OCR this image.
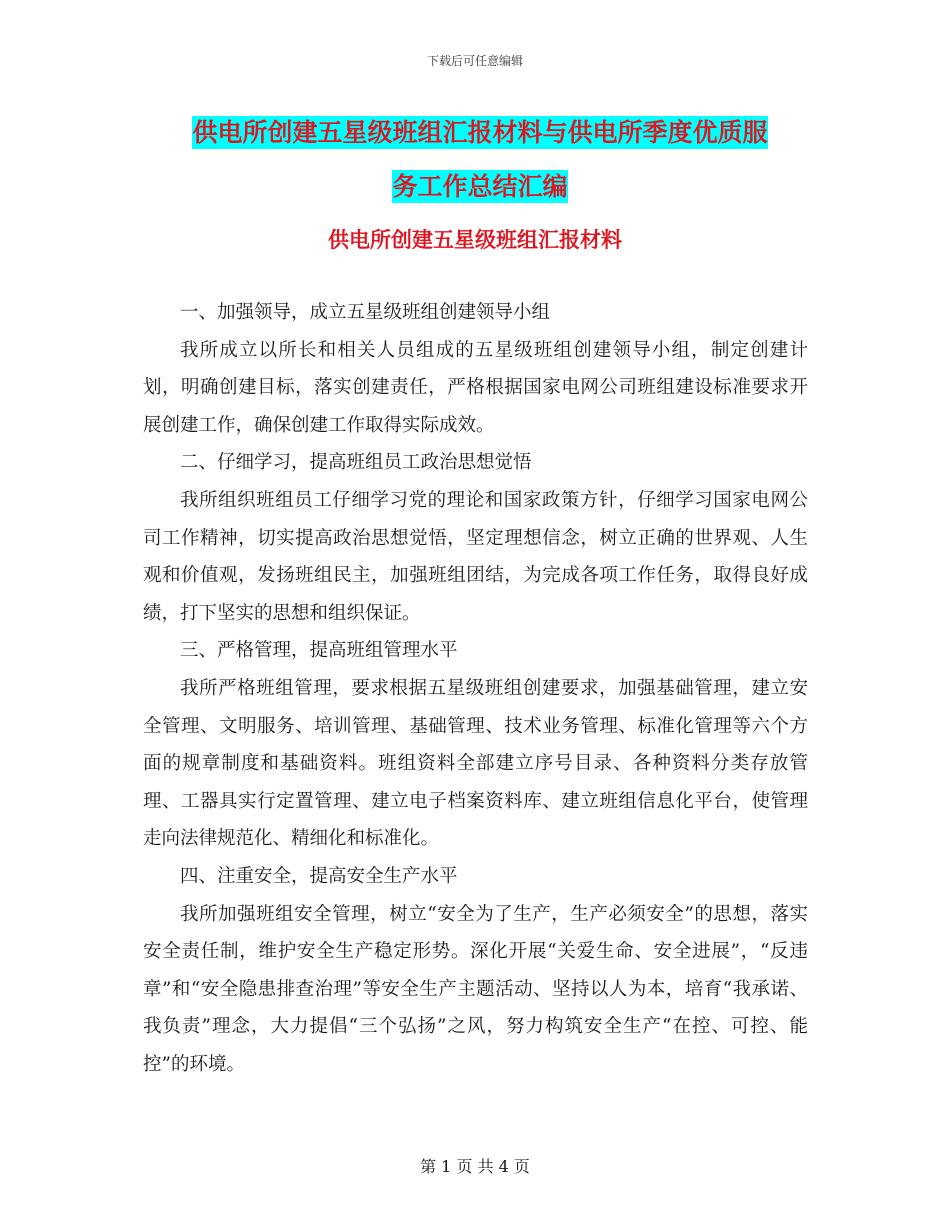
下载后可任意编辑
供电所创建五星级班组汇报材料与供电所季度优质服
务工作总结汇编
供电所创建五星级班组汇报材料

一、加强领导，成立五星级班组创建领导小组

我所成立以所长和相关人员组成的五星级班组创建领导小组，制定创建计划，明确创建目标，落实创建责任，严格根据国家电网公司班组建设标准要求开展创建工作，确保创建工作取得实际成效。

二、仔细学习，提高班组员工政治思想觉悟

我所组织班组员工仔细学习党的理论和国家政策方针，仔细学习国家电网公司工作精神，切实提高政治思想觉悟，坚定理想信念，树立正确的世界观、人生观和价值观，发扬班组民主，加强班组团结，为完成各项工作任务，取得良好成绩，打下坚实的思想和组织保证。

三、严格管理，提高班组管理水平

我所严格班组管理，要求根据五星级班组创建要求，加强基础管理，建立安全管理、文明服务、培训管理、基础管理、技术业务管理、标准化管理等六个方面的规章制度和基础资料。班组资料全部建立序号目录、各种资料分类存放管理、工器具实行定置管理、建立电子档案资料库、建立班组信息化平台，使管理走向法律规范化、精细化和标准化。

四、注重安全，提高安全生产水平

我所加强班组安全管理，树立“安全为了生产，生产必须安全”的思想，落实安全责任制，维护安全生产稳定形势。深化开展“关爱生命、安全进展”，“反违章”和“安全隐患排查治理”等安全生产主题活动、坚持以人为本，培育“我承诺、我负责”理念，大力提倡“三个弘扬”之风，努力构筑安全生产“在控、可控、能控”的环境。

第 1 页 共 4 页
